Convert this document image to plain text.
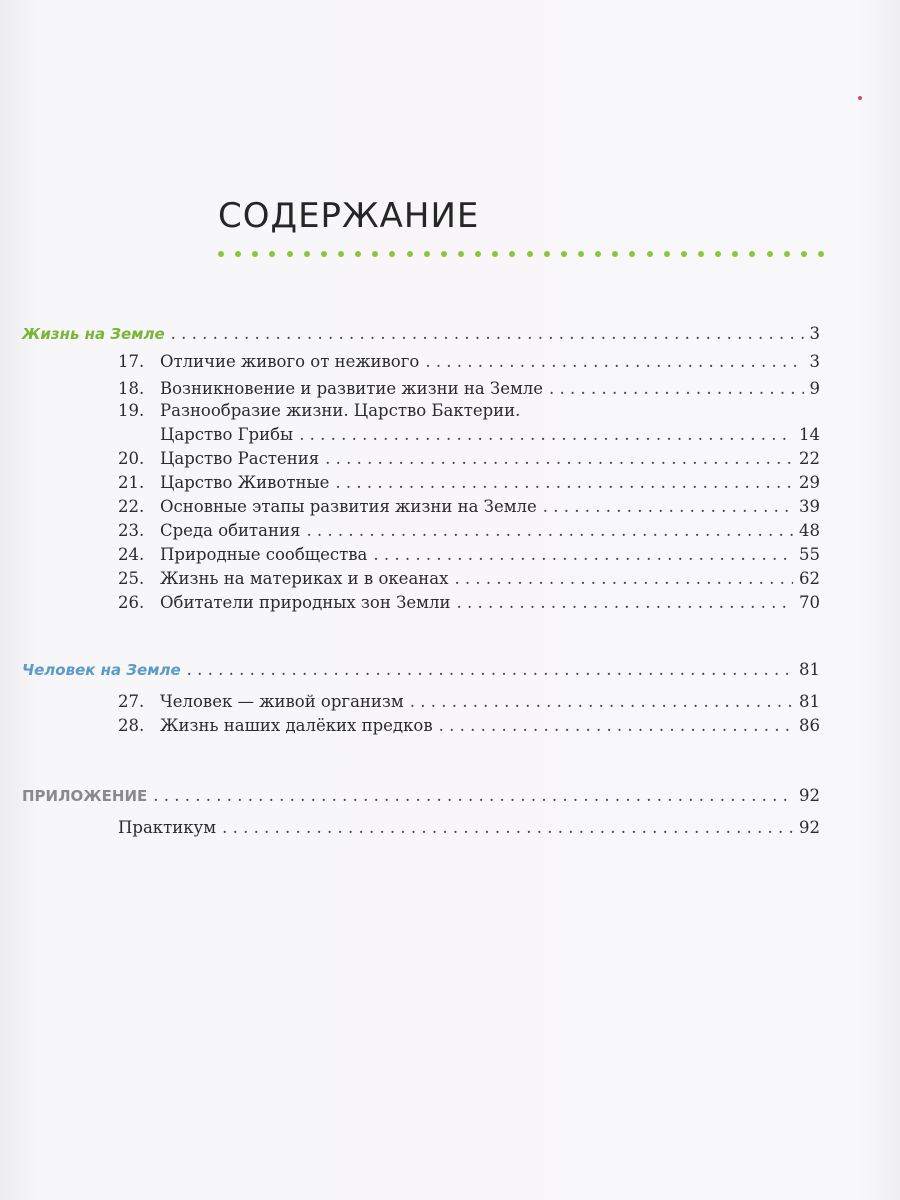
СОДЕРЖАНИЕ
Жизнь на Земле . . .	3
17. Отличие живого от неживого . . .	3
18. Возникновение и развитие жизни на Земле . . .	9
19. Разнообразие жизни. Царство Бактерии.
Царство Грибы . . .	14
20. Царство Растения . . .	22
21. Царство Животные . . .	29
22. Основные этапы развития жизни на Земле . . .	39
23. Среда обитания . . .	48
24. Природные сообщества . . .	55
25. Жизнь на материках и в океанах . . .	62
26. Обитатели природных зон Земли . . .	70
Человек на Земле . . .	81
27. Человек — живой организм . . .	81
28. Жизнь наших далёких предков . . .	86
ПРИЛОЖЕНИЕ . . .	92
Практикум . . .	92
